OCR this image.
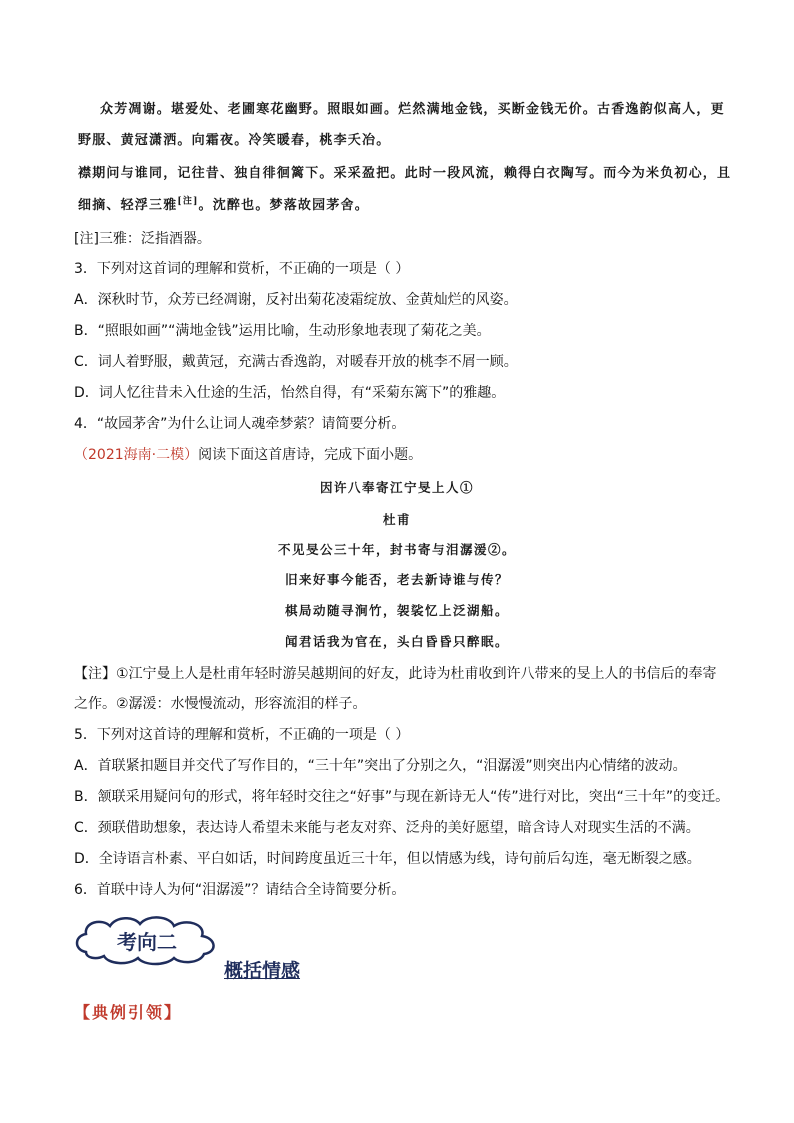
众芳凋谢。堪爱处、老圃寒花幽野。照眼如画。烂然满地金钱，买断金钱无价。古香逸韵似高人，更
野服、黄冠潇洒。向霜夜。冷笑暖春，桃李夭冶。
襟期问与谁同，记往昔、独自徘徊篱下。采采盈把。此时一段风流，赖得白衣陶写。而今为米负初心，且
细摘、轻浮三雅[注]。沈醉也。梦落故园茅舍。
[注]三雅：泛指酒器。
3．下列对这首词的理解和赏析，不正确的一项是（ ）
A．深秋时节，众芳已经凋谢，反衬出菊花凌霜绽放、金黄灿烂的风姿。
B．“照眼如画”“满地金钱”运用比喻，生动形象地表现了菊花之美。
C．词人着野服，戴黄冠，充满古香逸韵，对暖春开放的桃李不屑一顾。
D．词人忆往昔未入仕途的生活，怡然自得，有“采菊东篱下”的雅趣。
4．“故园茅舍”为什么让词人魂牵梦萦？请简要分析。
（2021海南·二模）阅读下面这首唐诗，完成下面小题。
因许八奉寄江宁旻上人①
杜甫
不见旻公三十年，封书寄与泪潺湲②。
旧来好事今能否，老去新诗谁与传？
棋局动随寻涧竹，袈裟忆上泛湖船。
闻君话我为官在，头白昏昏只醉眠。
【注】①江宁曼上人是杜甫年轻时游吴越期间的好友，此诗为杜甫收到许八带来的旻上人的书信后的奉寄
之作。②潺湲：水慢慢流动，形容流泪的样子。
5．下列对这首诗的理解和赏析，不正确的一项是（ ）
A．首联紧扣题目并交代了写作目的，“三十年”突出了分别之久，“泪潺湲”则突出内心情绪的波动。
B．颔联采用疑问句的形式，将年轻时交往之“好事”与现在新诗无人“传”进行对比，突出“三十年”的变迁。
C．颈联借助想象，表达诗人希望未来能与老友对弈、泛舟的美好愿望，暗含诗人对现实生活的不满。
D．全诗语言朴素、平白如话，时间跨度虽近三十年，但以情感为线，诗句前后勾连，毫无断裂之感。
6．首联中诗人为何“泪潺湲”？请结合全诗简要分析。
考向二
概括情感
【典例引领】
